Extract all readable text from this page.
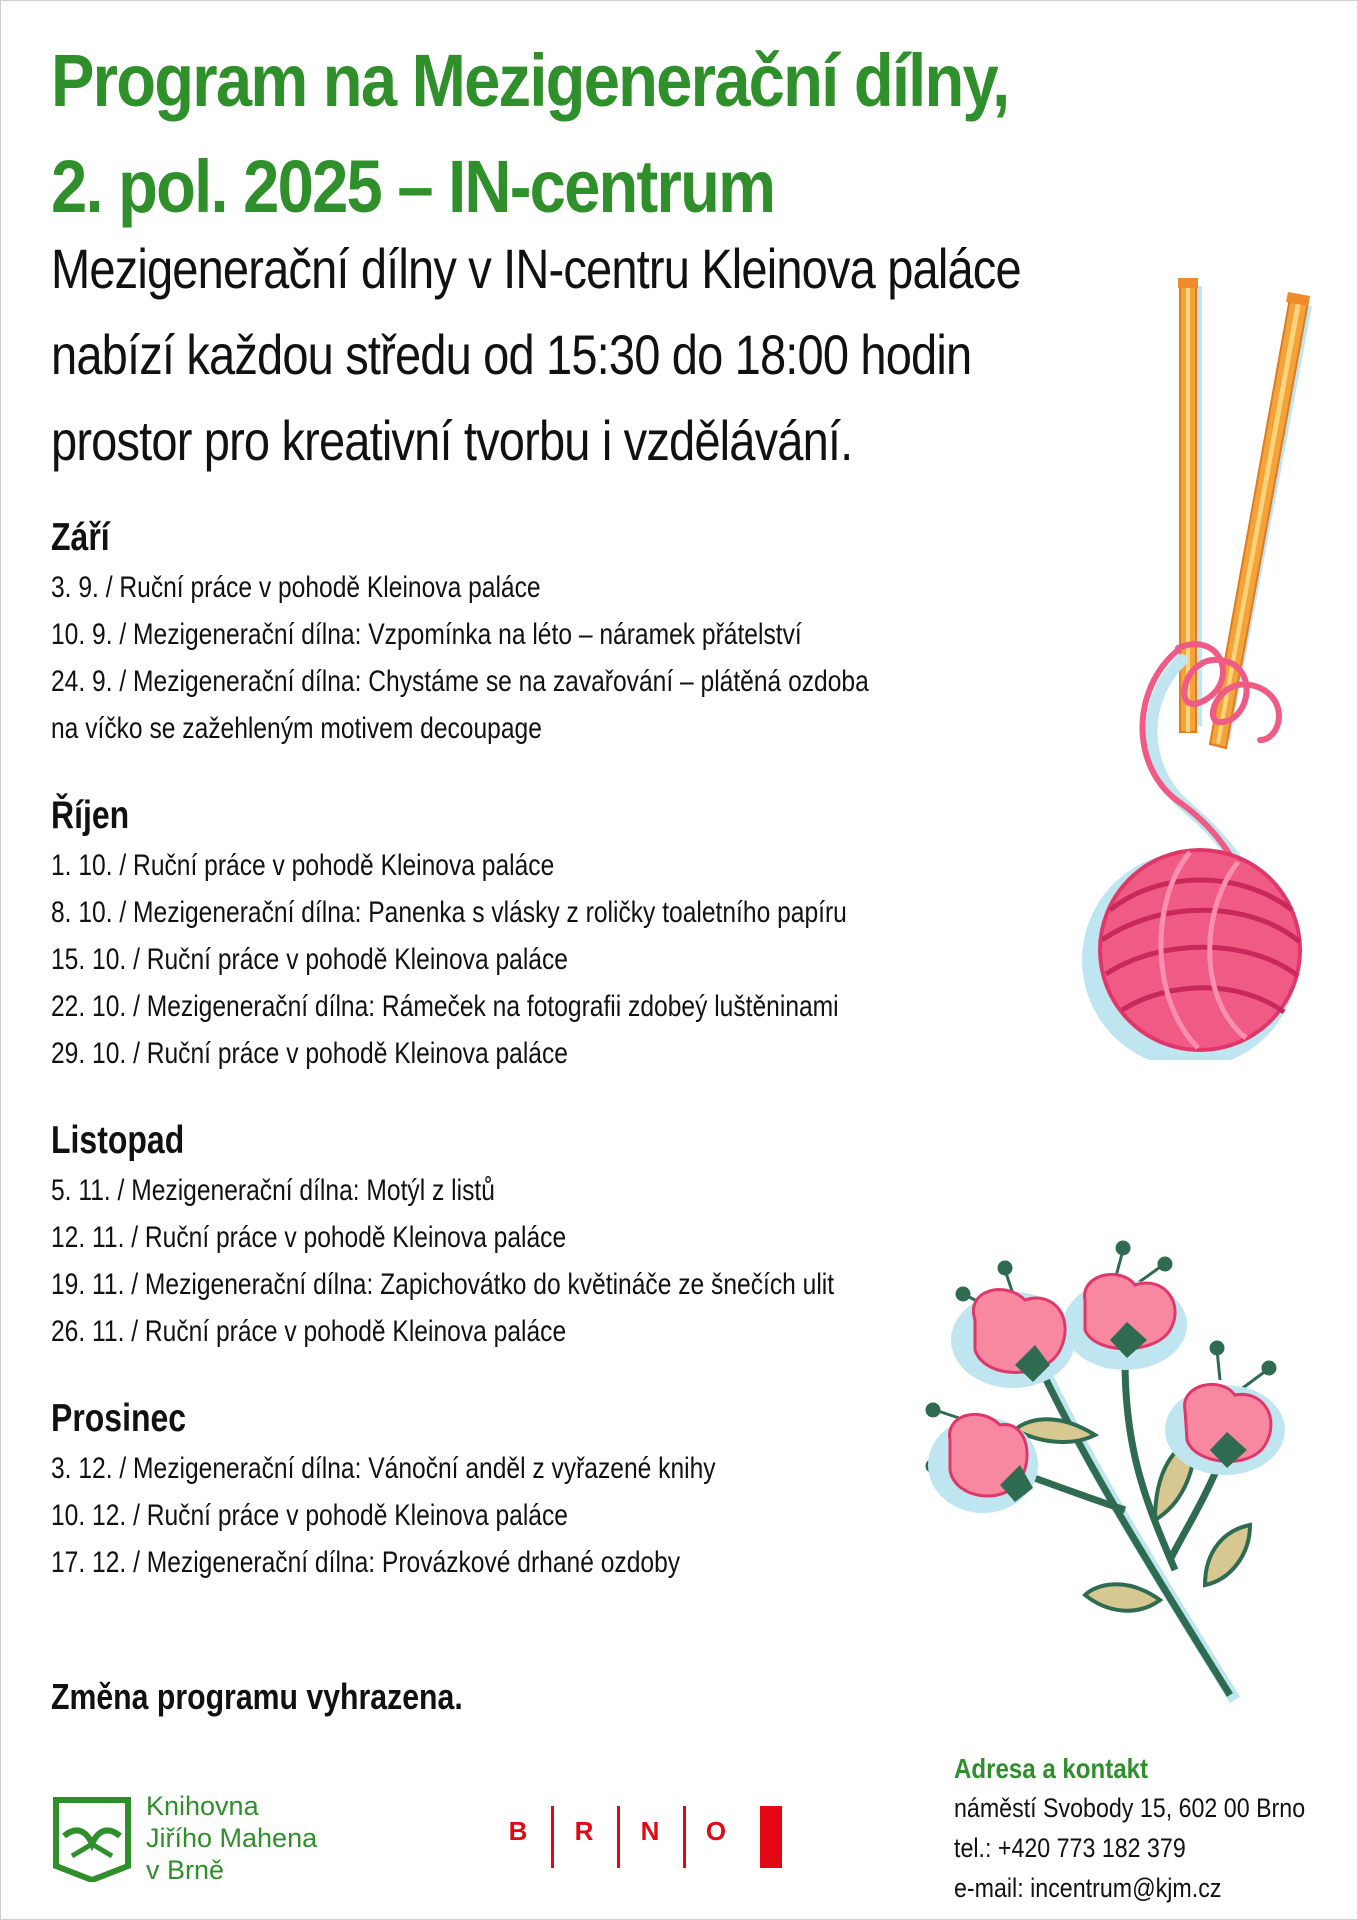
Program na Mezigenerační dílny,
2. pol. 2025 – IN-centrum

Mezigenerační dílny v IN-centru Kleinova paláce
nabízí každou středu od 15:30 do 18:00 hodin
prostor pro kreativní tvorbu i vzdělávání.

Září
3. 9. / Ruční práce v pohodě Kleinova paláce
10. 9. / Mezigenerační dílna: Vzpomínka na léto – náramek přátelství
24. 9. / Mezigenerační dílna: Chystáme se na zavařování – plátěná ozdoba
na víčko se zažehleným motivem decoupage
Říjen
1. 10. / Ruční práce v pohodě Kleinova paláce
8. 10. / Mezigenerační dílna: Panenka s vlásky z roličky toaletního papíru
15. 10. / Ruční práce v pohodě Kleinova paláce
22. 10. / Mezigenerační dílna: Rámeček na fotografii zdobeý luštěninami
29. 10. / Ruční práce v pohodě Kleinova paláce
Listopad
5. 11. / Mezigenerační dílna: Motýl z listů
12. 11. / Ruční práce v pohodě Kleinova paláce
19. 11. / Mezigenerační dílna: Zapichovátko do květináče ze šnečích ulit
26. 11. / Ruční práce v pohodě Kleinova paláce
Prosinec
3. 12. / Mezigenerační dílna: Vánoční anděl z vyřazené knihy
10. 12. / Ruční práce v pohodě Kleinova paláce
17. 12. / Mezigenerační dílna: Provázkové drhané ozdoby

Změna programu vyhrazena.

Knihovna
Jiřího Mahena
v Brně
B	R	N	O
Adresa a kontakt
náměstí Svobody 15, 602 00 Brno
tel.: +420 773 182 379
e-mail: incentrum@kjm.cz
